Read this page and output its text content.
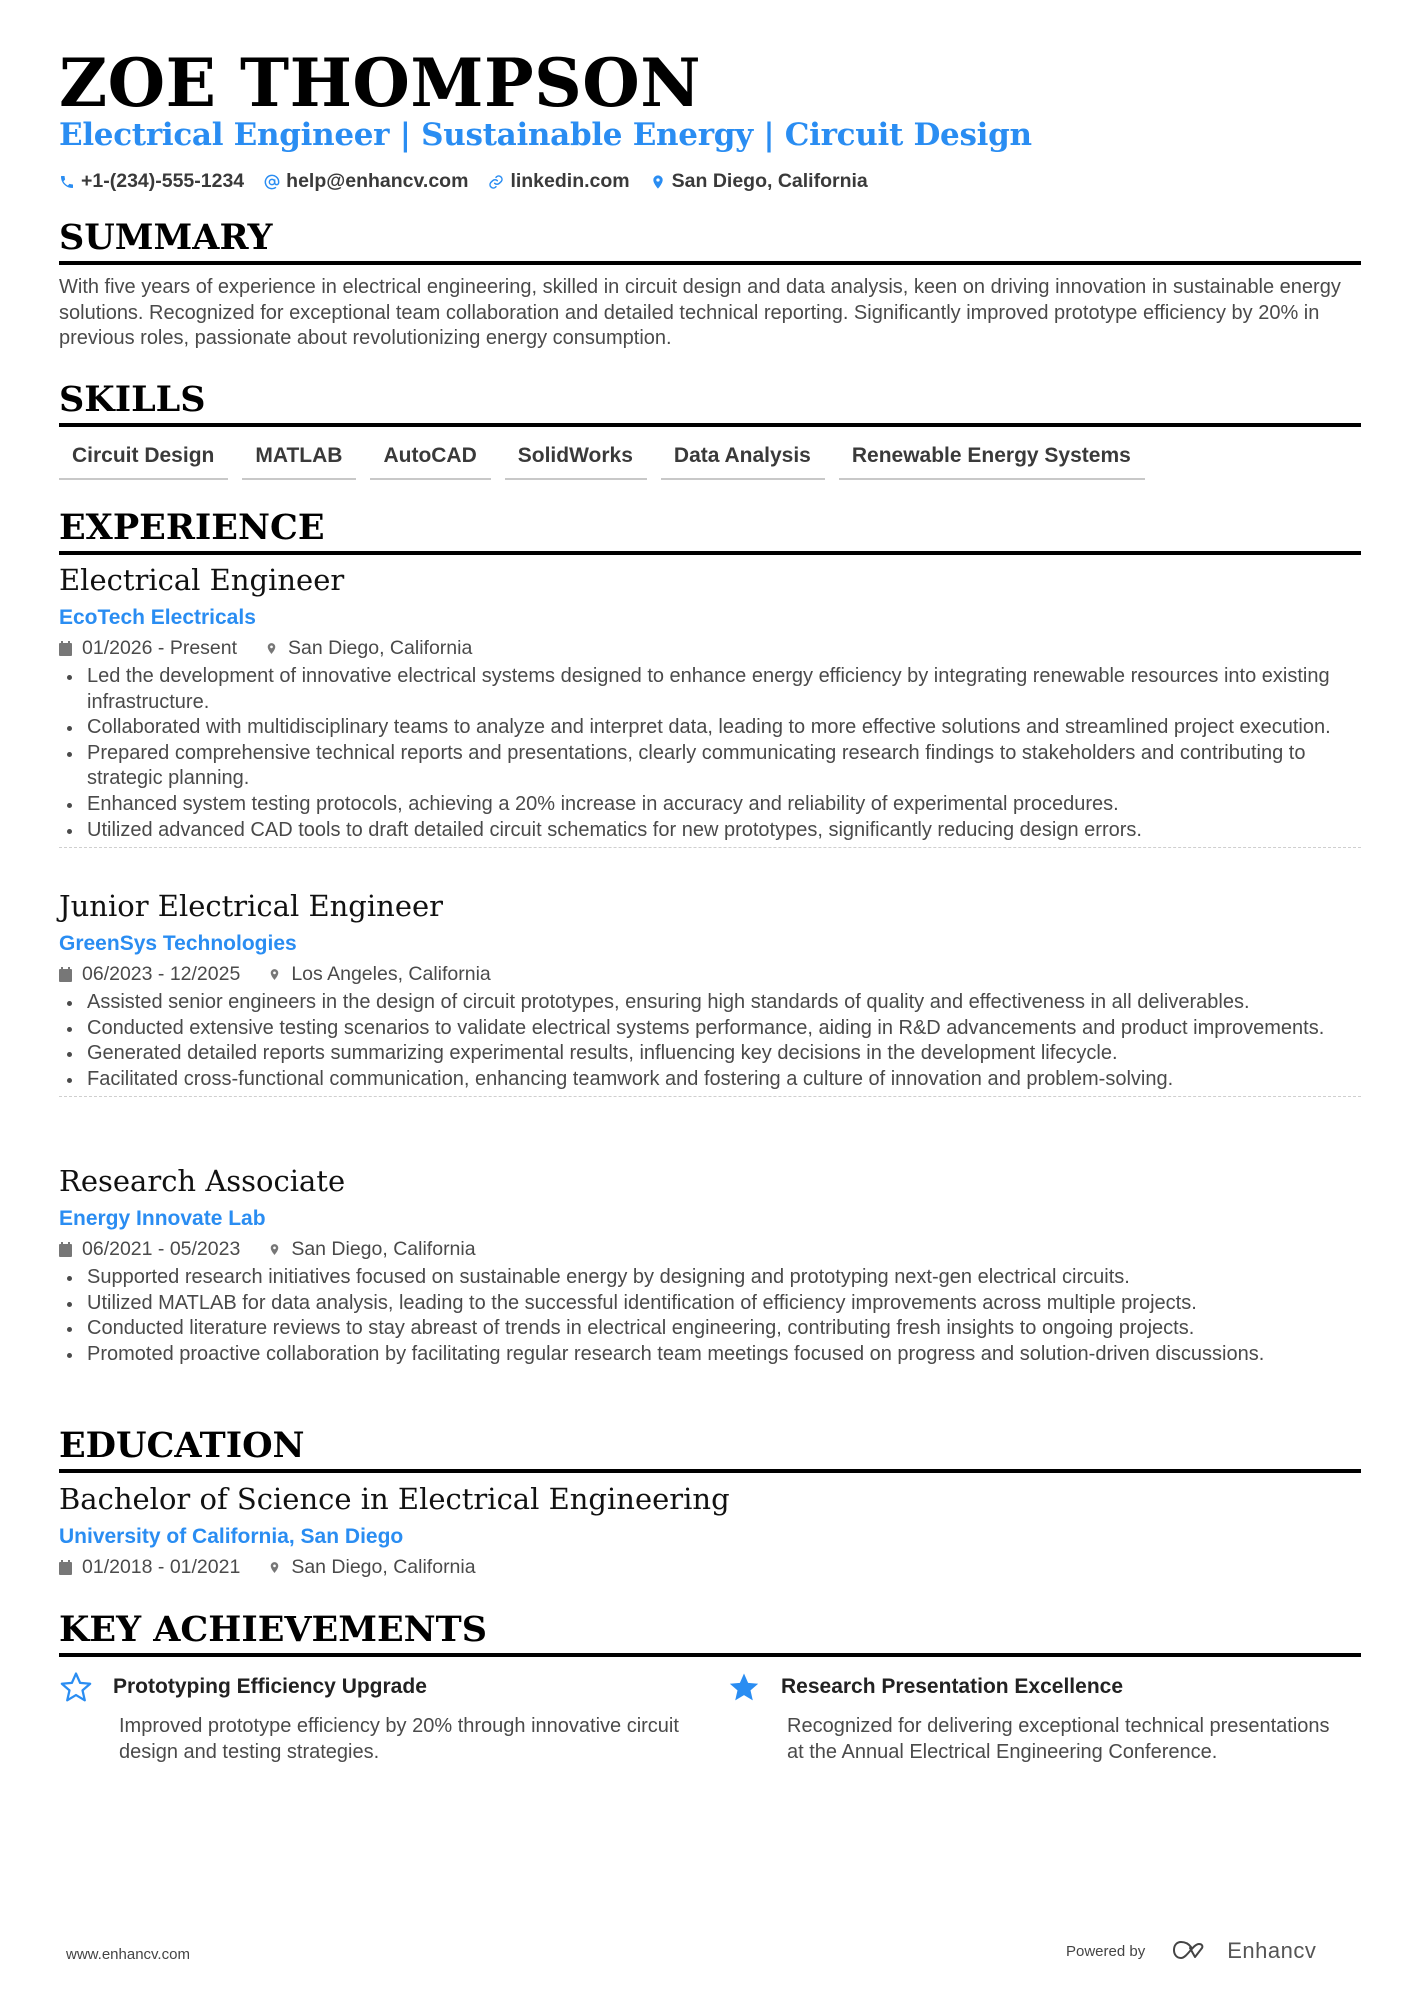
ZOE THOMPSON
Electrical Engineer | Sustainable Energy | Circuit Design
+1-(234)-555-1234 help@enhancv.com linkedin.com San Diego, California
SUMMARY

With five years of experience in electrical engineering, skilled in circuit design and data analysis, keen on driving innovation in sustainable energy solutions. Recognized for exceptional team collaboration and detailed technical reporting. Significantly improved prototype efficiency by 20% in previous roles, passionate about revolutionizing energy consumption.

SKILLS
Circuit Design	MATLAB	AutoCAD	SolidWorks	Data Analysis	Renewable Energy Systems
EXPERIENCE
Electrical Engineer
EcoTech Electricals
01/2026 - Present	San Diego, California
Led the development of innovative electrical systems designed to enhance energy efficiency by integrating renewable resources into existing infrastructure.
Collaborated with multidisciplinary teams to analyze and interpret data, leading to more effective solutions and streamlined project execution.
Prepared comprehensive technical reports and presentations, clearly communicating research findings to stakeholders and contributing to strategic planning.
Enhanced system testing protocols, achieving a 20% increase in accuracy and reliability of experimental procedures.
Utilized advanced CAD tools to draft detailed circuit schematics for new prototypes, significantly reducing design errors.
Junior Electrical Engineer
GreenSys Technologies
06/2023 - 12/2025	Los Angeles, California
Assisted senior engineers in the design of circuit prototypes, ensuring high standards of quality and effectiveness in all deliverables.
Conducted extensive testing scenarios to validate electrical systems performance, aiding in R&D advancements and product improvements.
Generated detailed reports summarizing experimental results, influencing key decisions in the development lifecycle.
Facilitated cross-functional communication, enhancing teamwork and fostering a culture of innovation and problem-solving.
Research Associate
Energy Innovate Lab
06/2021 - 05/2023	San Diego, California
Supported research initiatives focused on sustainable energy by designing and prototyping next-gen electrical circuits.
Utilized MATLAB for data analysis, leading to the successful identification of efficiency improvements across multiple projects.
Conducted literature reviews to stay abreast of trends in electrical engineering, contributing fresh insights to ongoing projects.
Promoted proactive collaboration by facilitating regular research team meetings focused on progress and solution-driven discussions.
EDUCATION
Bachelor of Science in Electrical Engineering
University of California, San Diego
01/2018 - 01/2021	San Diego, California
KEY ACHIEVEMENTS
Prototyping Efficiency Upgrade
Improved prototype efficiency by 20% through innovative circuit design and testing strategies.
Research Presentation Excellence
Recognized for delivering exceptional technical presentations at the Annual Electrical Engineering Conference.
www.enhancv.com	Powered by	Enhancv
